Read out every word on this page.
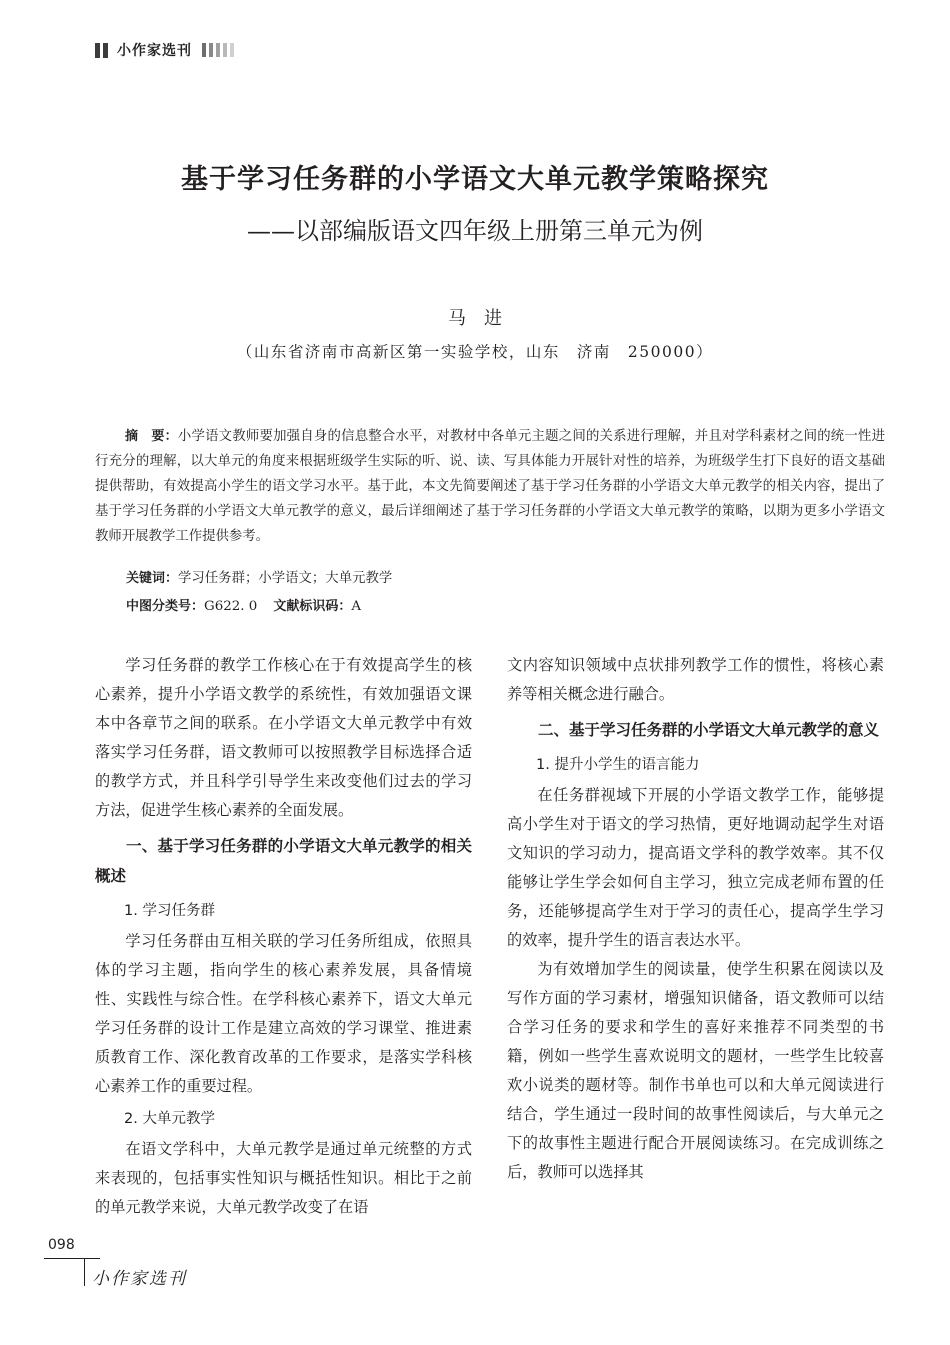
小作家选刊
基于学习任务群的小学语文大单元教学策略探究
——以部编版语文四年级上册第三单元为例
马进
（山东省济南市高新区第一实验学校，山东　济南　250000）
摘　要：小学语文教师要加强自身的信息整合水平，对教材中各单元主题之间的关系进行理解，并且对学科素材之间的统一性进行充分的理解，以大单元的角度来根据班级学生实际的听、说、读、写具体能力开展针对性的培养，为班级学生打下良好的语文基础提供帮助，有效提高小学生的语文学习水平。基于此，本文先简要阐述了基于学习任务群的小学语文大单元教学的相关内容，提出了基于学习任务群的小学语文大单元教学的意义，最后详细阐述了基于学习任务群的小学语文大单元教学的策略，以期为更多小学语文教师开展教学工作提供参考。
关键词：学习任务群；小学语文；大单元教学
中图分类号：G622. 0 文献标识码：A

学习任务群的教学工作核心在于有效提高学生的核心素养，提升小学语文教学的系统性，有效加强语文课本中各章节之间的联系。在小学语文大单元教学中有效落实学习任务群，语文教师可以按照教学目标选择合适的教学方式，并且科学引导学生来改变他们过去的学习方法，促进学生核心素养的全面发展。

一、基于学习任务群的小学语文大单元教学的相关概述
1. 学习任务群

学习任务群由互相关联的学习任务所组成，依照具体的学习主题，指向学生的核心素养发展，具备情境性、实践性与综合性。在学科核心素养下，语文大单元学习任务群的设计工作是建立高效的学习课堂、推进素质教育工作、深化教育改革的工作要求，是落实学科核心素养工作的重要过程。

2. 大单元教学

在语文学科中，大单元教学是通过单元统整的方式来表现的，包括事实性知识与概括性知识。相比于之前的单元教学来说，大单元教学改变了在语

文内容知识领域中点状排列教学工作的惯性，将核心素养等相关概念进行融合。

二、基于学习任务群的小学语文大单元教学的意义
1. 提升小学生的语言能力

在任务群视域下开展的小学语文教学工作，能够提高小学生对于语文的学习热情，更好地调动起学生对语文知识的学习动力，提高语文学科的教学效率。其不仅能够让学生学会如何自主学习，独立完成老师布置的任务，还能够提高学生对于学习的责任心，提高学生学习的效率，提升学生的语言表达水平。

为有效增加学生的阅读量，使学生积累在阅读以及写作方面的学习素材，增强知识储备，语文教师可以结合学习任务的要求和学生的喜好来推荐不同类型的书籍，例如一些学生喜欢说明文的题材，一些学生比较喜欢小说类的题材等。制作书单也可以和大单元阅读进行结合，学生通过一段时间的故事性阅读后，与大单元之下的故事性主题进行配合开展阅读练习。在完成训练之后，教师可以选择其

098
小作家选刊
